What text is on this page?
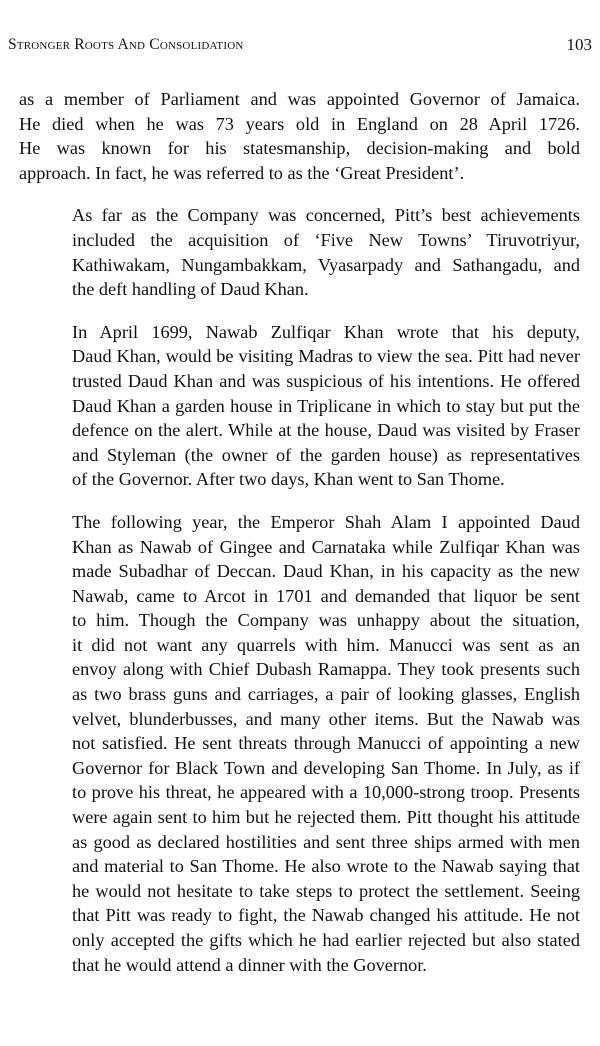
Stronger Roots And Consolidation	103

as a member of Parliament and was appointed Governor of Jamaica.
He died when he was 73 years old in England on 28 April 1726.
He was known for his statesmanship, decision-making and bold
approach. In fact, he was referred to as the ‘Great President’.

As far as the Company was concerned, Pitt’s best achievements
included the acquisition of ‘Five New Towns’ Tiruvotriyur,
Kathiwakam, Nungambakkam, Vyasarpady and Sathangadu, and
the deft handling of Daud Khan.

In April 1699, Nawab Zulfiqar Khan wrote that his deputy,
Daud Khan, would be visiting Madras to view the sea. Pitt had never
trusted Daud Khan and was suspicious of his intentions. He offered
Daud Khan a garden house in Triplicane in which to stay but put the
defence on the alert. While at the house, Daud was visited by Fraser
and Styleman (the owner of the garden house) as representatives
of the Governor. After two days, Khan went to San Thome.

The following year, the Emperor Shah Alam I appointed Daud
Khan as Nawab of Gingee and Carnataka while Zulfiqar Khan was
made Subadhar of Deccan. Daud Khan, in his capacity as the new
Nawab, came to Arcot in 1701 and demanded that liquor be sent
to him. Though the Company was unhappy about the situation,
it did not want any quarrels with him. Manucci was sent as an
envoy along with Chief Dubash Ramappa. They took presents such
as two brass guns and carriages, a pair of looking glasses, English
velvet, blunderbusses, and many other items. But the Nawab was
not satisfied. He sent threats through Manucci of appointing a new
Governor for Black Town and developing San Thome. In July, as if
to prove his threat, he appeared with a 10,000-strong troop. Presents
were again sent to him but he rejected them. Pitt thought his attitude
as good as declared hostilities and sent three ships armed with men
and material to San Thome. He also wrote to the Nawab saying that
he would not hesitate to take steps to protect the settlement. Seeing
that Pitt was ready to fight, the Nawab changed his attitude. He not
only accepted the gifts which he had earlier rejected but also stated
that he would attend a dinner with the Governor.
